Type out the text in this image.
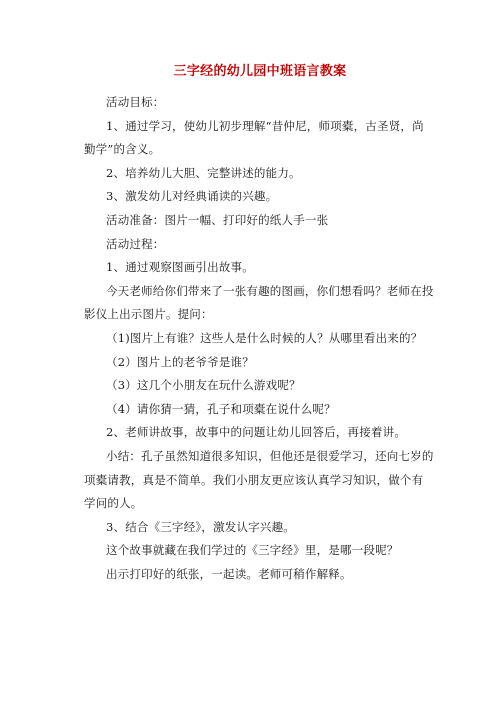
三字经的幼儿园中班语言教案

活动目标：

1、通过学习，使幼儿初步理解“昔仲尼，师项橐，古圣贤，尚勤学”的含义。

2、培养幼儿大胆、完整讲述的能力。

3、激发幼儿对经典诵读的兴趣。

活动准备：图片一幅、打印好的纸人手一张

活动过程：

1、通过观察图画引出故事。

今天老师给你们带来了一张有趣的图画，你们想看吗？老师在投影仪上出示图片。提问：

（1)图片上有谁？这些人是什么时候的人？从哪里看出来的？

（2）图片上的老爷爷是谁？

（3）这几个小朋友在玩什么游戏呢？

（4）请你猜一猜，孔子和项橐在说什么呢？

2、老师讲故事，故事中的问题让幼儿回答后，再接着讲。

小结：孔子虽然知道很多知识，但他还是很爱学习，还向七岁的项橐请教，真是不简单。我们小朋友更应该认真学习知识，做个有学问的人。

3、结合《三字经》，激发认字兴趣。

这个故事就藏在我们学过的《三字经》里，是哪一段呢？

出示打印好的纸张，一起读。老师可稍作解释。
